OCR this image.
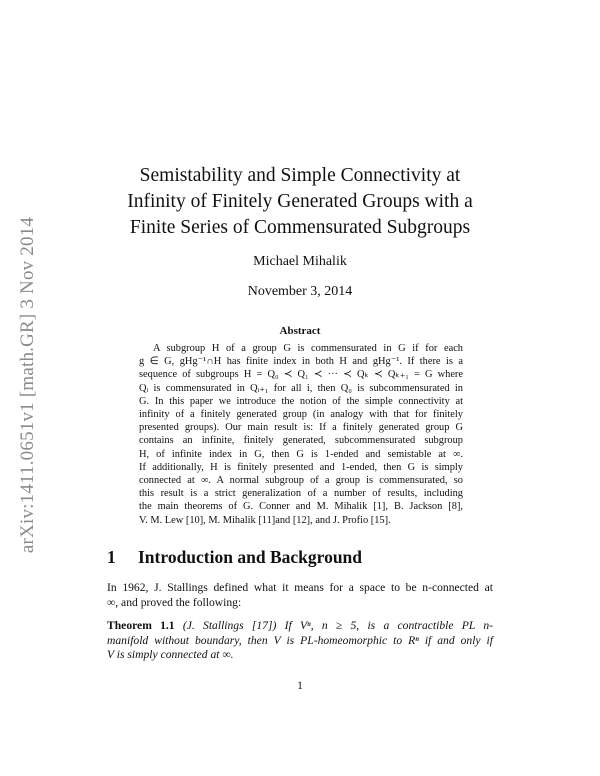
arXiv:1411.0651v1 [math.GR] 3 Nov 2014
Semistability and Simple Connectivity at
Infinity of Finitely Generated Groups with a
Finite Series of Commensurated Subgroups
Michael Mihalik
November 3, 2014
Abstract
A subgroup H of a group G is commensurated in G if for each
g ∈ G, gHg⁻¹∩H has finite index in both H and gHg⁻¹. If there is a
sequence of subgroups H = Q₀ ≺ Q₁ ≺ ··· ≺ Qₖ ≺ Qₖ₊₁ = G where
Qᵢ is commensurated in Qᵢ₊₁ for all i, then Q₀ is subcommensurated in
G. In this paper we introduce the notion of the simple connectivity at
infinity of a finitely generated group (in analogy with that for finitely
presented groups). Our main result is: If a finitely generated group G
contains an infinite, finitely generated, subcommensurated subgroup
H, of infinite index in G, then G is 1-ended and semistable at ∞.
If additionally, H is finitely presented and 1-ended, then G is simply
connected at ∞. A normal subgroup of a group is commensurated, so
this result is a strict generalization of a number of results, including
the main theorems of G. Conner and M. Mihalik [1], B. Jackson [8],
V. M. Lew [10], M. Mihalik [11]and [12], and J. Profio [15].
1 Introduction and Background
In 1962, J. Stallings defined what it means for a space to be n-connected at
∞, and proved the following:
Theorem 1.1 (J. Stallings [17]) If Vⁿ, n ≥ 5, is a contractible PL n-
manifold without boundary, then V is PL-homeomorphic to Rⁿ if and only if
V is simply connected at ∞.
1
